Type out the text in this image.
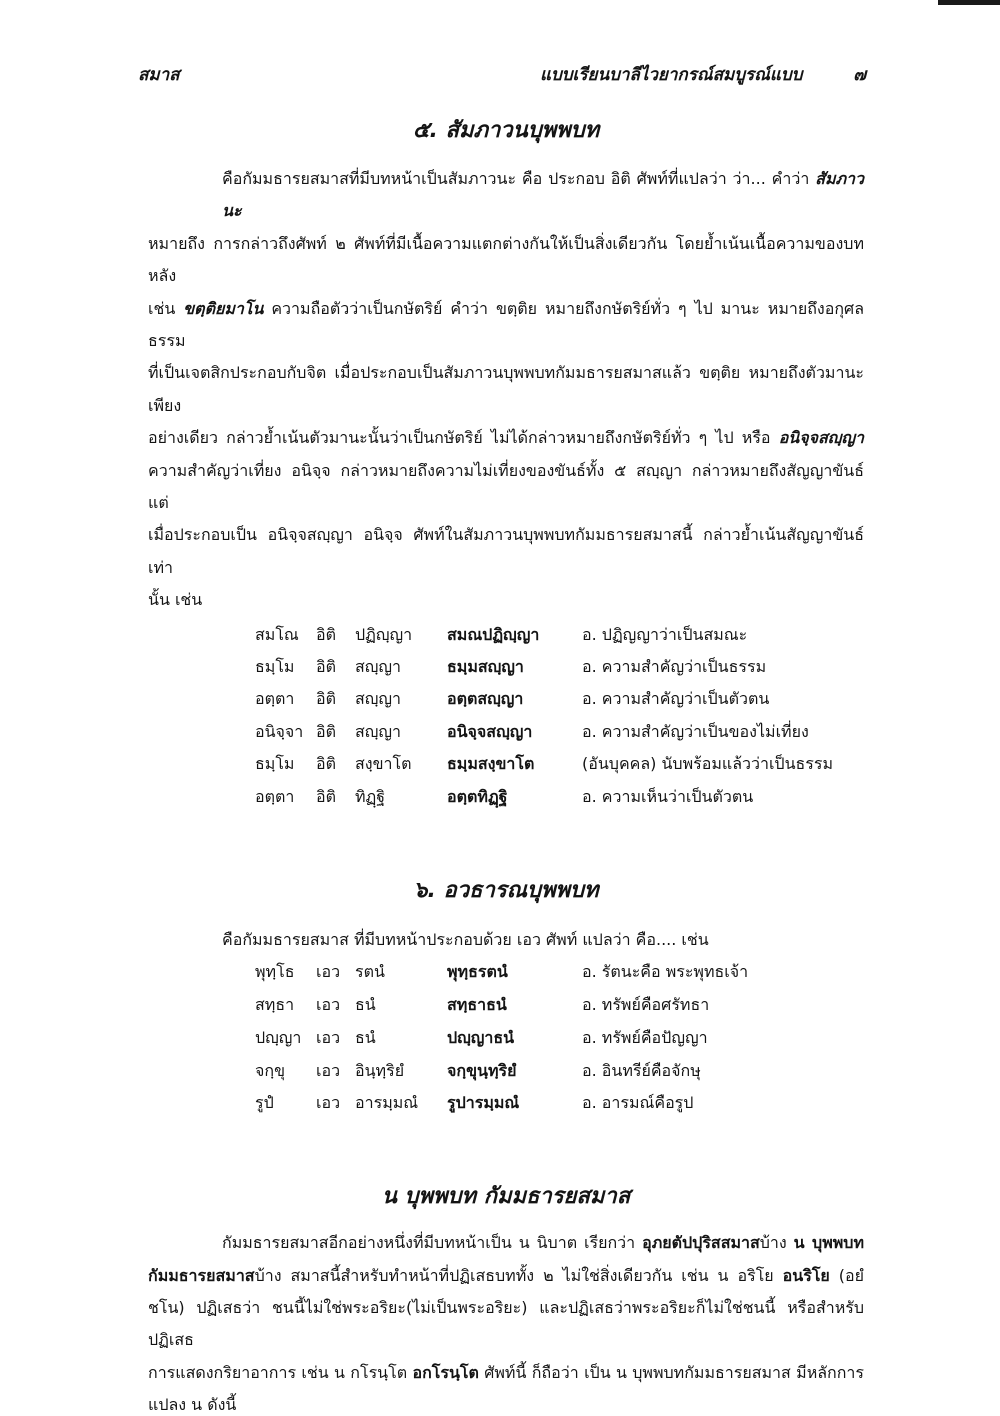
สมาส	แบบเรียนบาลีไวยากรณ์สมบูรณ์แบบ	๗
๕. สัมภาวนบุพพบท
คือกัมมธารยสมาสที่มีบทหน้าเป็นสัมภาวนะ คือ ประกอบ อิติ ศัพท์ที่แปลว่า ว่า... คำว่า สัมภาวนะ
หมายถึง การกล่าวถึงศัพท์ ๒ ศัพท์ที่มีเนื้อความแตกต่างกันให้เป็นสิ่งเดียวกัน โดยย้ำเน้นเนื้อความของบทหลัง
เช่น ขตฺติยมาโน ความถือตัวว่าเป็นกษัตริย์ คำว่า ขตฺติย หมายถึงกษัตริย์ทั่ว ๆ ไป มานะ หมายถึงอกุศลธรรม
ที่เป็นเจตสิกประกอบกับจิต เมื่อประกอบเป็นสัมภาวนบุพพบทกัมมธารยสมาสแล้ว ขตฺติย หมายถึงตัวมานะเพียง
อย่างเดียว กล่าวย้ำเน้นตัวมานะนั้นว่าเป็นกษัตริย์ ไม่ได้กล่าวหมายถึงกษัตริย์ทั่ว ๆ ไป หรือ อนิจฺจสญฺญา
ความสำคัญว่าเที่ยง อนิจฺจ กล่าวหมายถึงความไม่เที่ยงของขันธ์ทั้ง ๕ สญฺญา กล่าวหมายถึงสัญญาขันธ์ แต่
เมื่อประกอบเป็น อนิจฺจสญฺญา อนิจฺจ ศัพท์ในสัมภาวนบุพพบทกัมมธารยสมาสนี้ กล่าวย้ำเน้นสัญญาขันธ์เท่า
นั้น เช่น
สมโณ	อิติ	ปฏิญฺญา	สมณปฏิญฺญา	อ. ปฏิญญาว่าเป็นสมณะ
ธมฺโม	อิติ	สญฺญา	ธมฺมสญฺญา	อ. ความสำคัญว่าเป็นธรรม
อตฺตา	อิติ	สญฺญา	อตฺตสญฺญา	อ. ความสำคัญว่าเป็นตัวตน
อนิจฺจา อิติ	สญฺญา	อนิจฺจสญฺญา	อ. ความสำคัญว่าเป็นของไม่เที่ยง
ธมฺโม	อิติ	สงฺขาโต	ธมฺมสงฺขาโต	(อันบุคคล) นับพร้อมแล้วว่าเป็นธรรม
อตฺตา	อิติ	ทิฏฺฐิ	อตฺตทิฏฺฐิ	อ. ความเห็นว่าเป็นตัวตน
๖. อวธารณบุพพบท
คือกัมมธารยสมาส ที่มีบทหน้าประกอบด้วย เอว ศัพท์ แปลว่า คือ.... เช่น
พุทฺโธ	เอว รตนํ	พุทฺธรตนํ	อ. รัตนะคือ พระพุทธเจ้า
สทฺธา	เอว ธนํ	สทฺธาธนํ	อ. ทรัพย์คือศรัทธา
ปญฺญา เอว ธนํ	ปญฺญาธนํ	อ. ทรัพย์คือปัญญา
จกฺขุ	เอว อินฺทฺริยํ	จกฺขุนฺทฺริยํ	อ. อินทรีย์คือจักษุ
รูปํ	เอว อารมฺมณํ	รูปารมฺมณํ	อ. อารมณ์คือรูป
น บุพพบท กัมมธารยสมาส
กัมมธารยสมาสอีกอย่างหนึ่งที่มีบทหน้าเป็น น นิบาต เรียกว่า อุภยตัปปุริสสมาสบ้าง น บุพพบท
กัมมธารยสมาสบ้าง สมาสนี้สำหรับทำหน้าที่ปฏิเสธบททั้ง ๒ ไม่ใช่สิ่งเดียวกัน เช่น น อริโย อนริโย (อยํ
ชโน) ปฏิเสธว่า ชนนี้ไม่ใช่พระอริยะ(ไม่เป็นพระอริยะ) และปฏิเสธว่าพระอริยะก็ไม่ใช่ชนนี้ หรือสำหรับปฏิเสธ
การแสดงกริยาอาการ เช่น น กโรนฺโต อกโรนฺโต ศัพท์นี้ ก็ถือว่า เป็น น บุพพบทกัมมธารยสมาส มีหลักการ
แปลง น ดังนี้
